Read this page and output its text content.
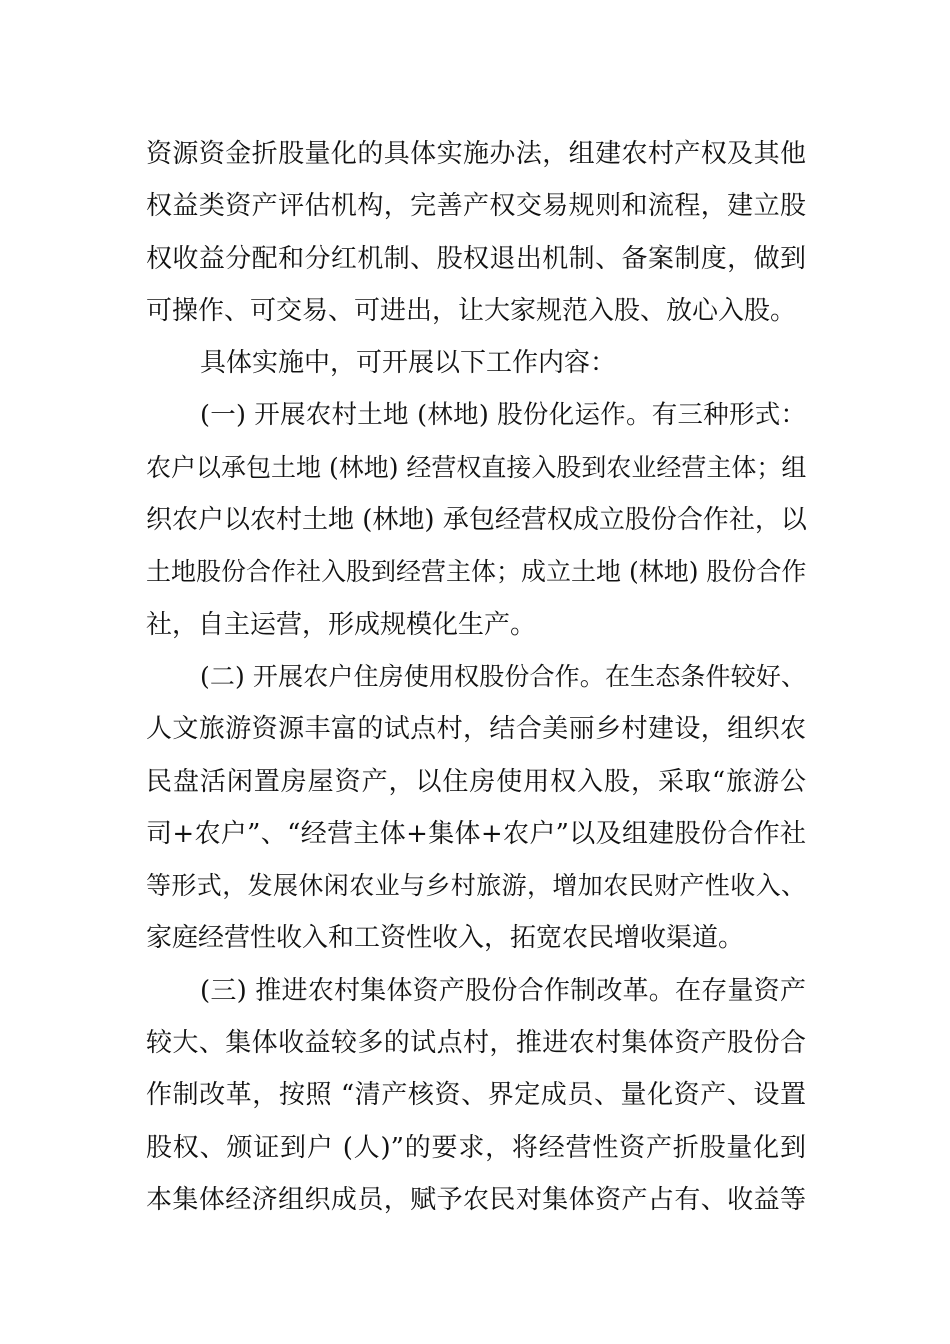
资源资金折股量化的具体实施办法，组建农村产权及其他
权益类资产评估机构，完善产权交易规则和流程，建立股
权收益分配和分红机制、股权退出机制、备案制度，做到
可操作、可交易、可进出，让大家规范入股、放心入股。
具体实施中，可开展以下工作内容：
(一) 开展农村土地 (林地) 股份化运作。有三种形式：
农户以承包土地 (林地) 经营权直接入股到农业经营主体；组
织农户以农村土地 (林地) 承包经营权成立股份合作社，以
土地股份合作社入股到经营主体；成立土地 (林地) 股份合作
社，自主运营，形成规模化生产。
(二) 开展农户住房使用权股份合作。在生态条件较好、
人文旅游资源丰富的试点村，结合美丽乡村建设，组织农
民盘活闲置房屋资产，以住房使用权入股，采取“旅游公
司+农户”、“经营主体+集体+农户”以及组建股份合作社
等形式，发展休闲农业与乡村旅游，增加农民财产性收入、
家庭经营性收入和工资性收入，拓宽农民增收渠道。
(三) 推进农村集体资产股份合作制改革。在存量资产
较大、集体收益较多的试点村，推进农村集体资产股份合
作制改革，按照 “清产核资、界定成员、量化资产、设置
股权、颁证到户 (人)”的要求，将经营性资产折股量化到
本集体经济组织成员，赋予农民对集体资产占有、收益等
